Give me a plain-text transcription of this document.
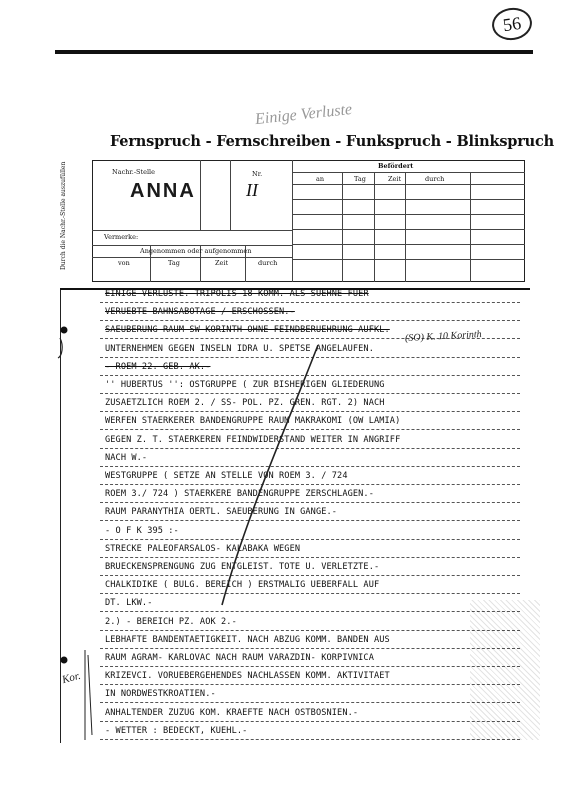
56
Einige Verluste
Fernspruch - Fernschreiben - Funkspruch - Blinkspruch
Nachr.-Stelle	Nr.
Vermerke:
Angenommen oder aufgenommen
von	Tag	Zeit	durch
ANNA	II
Befördert
an	Tag	Zeit	durch
Durch die Nachr.-Stelle auszufüllen
EINIGE VERLUSTE. TRIPOLIS 18 KOMM. ALS SUEHNE FUER
VERUEBTE BAHNSABOTAGE / ERSCHOSSEN.-
SAEUBERUNG RAUM SW KORINTH OHNE FEINDBERUEHRUNG AUFKL.
UNTERNEHMEN GEGEN INSELN IDRA U. SPETSE ANGELAUFEN.
- ROEM 22. GEB. AK.-
'' HUBERTUS '': OSTGRUPPE ( ZUR BISHERIGEN GLIEDERUNG
ZUSAETZLICH ROEM 2. / SS- POL. PZ. GREN. RGT. 2) NACH
WERFEN STAERKERER BANDENGRUPPE RAUM MAKRAKOMI (OW LAMIA)
GEGEN Z. T. STAERKEREN FEINDWIDERSTAND WEITER IN ANGRIFF
NACH W.-
WESTGRUPPE ( SETZE AN STELLE VON ROEM 3. / 724
ROEM 3./ 724 ) STAERKERE BANDENGRUPPE ZERSCHLAGEN.-
RAUM PARANYTHIA OERTL. SAEUBERUNG IN GANGE.-
- O F K 395 :-
STRECKE PALEOFARSALOS- KALABAKA WEGEN
BRUECKENSPRENGUNG ZUG ENTGLEIST. TOTE U. VERLETZTE.-
CHALKIDIKE ( BULG. BEREICH ) ERSTMALIG UEBERFALL AUF
DT. LKW.-
2.) - BEREICH PZ. AOK 2.-
LEBHAFTE BANDENTAETIGKEIT. NACH ABZUG KOMM. BANDEN AUS
RAUM AGRAM- KARLOVAC NACH RAUM VARAZDIN- KORPIVNICA
KRIZEVCI. VORUEBERGEHENDES NACHLASSEN KOMM. AKTIVITAET
IN NORDWESTKROATIEN.-
ANHALTENDER ZUZUG KOM. KRAEFTE NACH OSTBOSNIEN.-
- WETTER : BEDECKT, KUEHL.-
(SO) K. 10 Korinth
Kor.
